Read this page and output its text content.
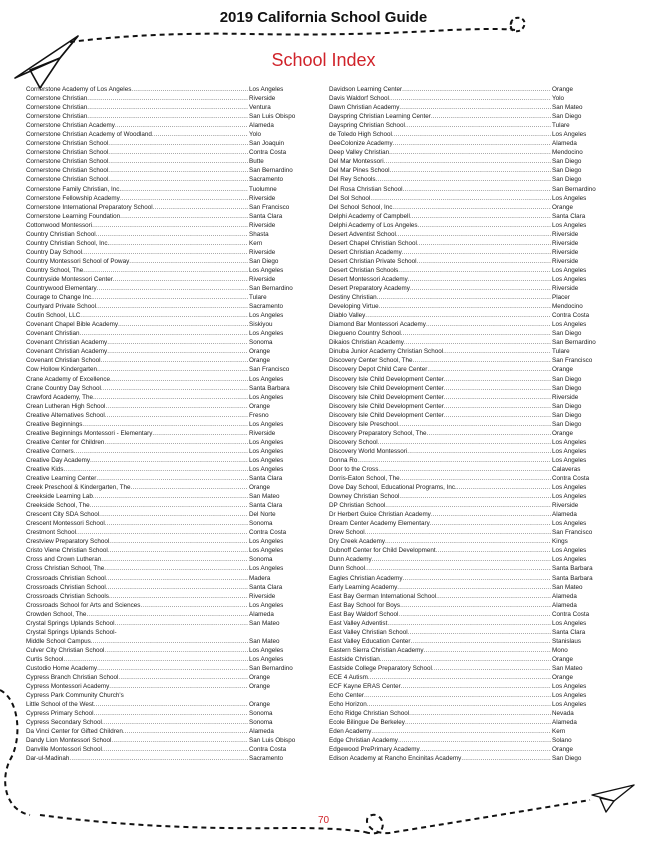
2019 California School Guide
School Index
Cornerstone Academy of Los Angeles .....	Los Angeles
Cornerstone Christian .....	Riverside
Cornerstone Christian .....	Ventura
Cornerstone Christian .....	San Luis Obispo
Cornerstone Christian Academy .....	Alameda
Cornerstone Christian Academy of Woodland .....	Yolo
Cornerstone Christian School .....	San Joaquin
Cornerstone Christian School .....	Contra Costa
Cornerstone Christian School .....	Butte
Cornerstone Christian School .....	San Bernardino
Cornerstone Christian School .....	Sacramento
Cornerstone Family Christian, Inc. .....	Tuolumne
Cornerstone Fellowship Academy .....	Riverside
Cornerstone International Preparatory School .....	San Francisco
Cornerstone Learning Foundation .....	Santa Clara
Cottonwood Montessori .....	Riverside
Country Christian School .....	Shasta
Country Christian School, Inc. .....	Kern
Country Day School .....	Riverside
Country Montessori School of Poway .....	San Diego
Country School, The .....	Los Angeles
Countryside Montessori Center .....	Riverside
Countrywood Elementary .....	San Bernardino
Courage to Change Inc. .....	Tulare
Courtyard Private School .....	Sacramento
Coutin School, LLC .....	Los Angeles
Covenant Chapel Bible Academy .....	Siskiyou
Covenant Christian .....	Los Angeles
Covenant Christian Academy .....	Sonoma
Covenant Christian Academy .....	Orange
Covenant Christian School .....	Orange
Cow Hollow Kindergarten .....	San Francisco
Crane Academy of Excellence .....	Los Angeles
Crane Country Day School .....	Santa Barbara
Crawford Academy, The .....	Los Angeles
Crean Lutheran High School .....	Orange
Creative Alternatives School .....	Fresno
Creative Beginnings .....	Los Angeles
Creative Beginnings Montessori - Elementary .....	Riverside
Creative Center for Children .....	Los Angeles
Creative Corners .....	Los Angeles
Creative Day Academy .....	Los Angeles
Creative Kids .....	Los Angeles
Creative Learning Center .....	Santa Clara
Creek Preschool & Kindergarten, The .....	Orange
Creekside Learning Lab .....	San Mateo
Creekside School, The .....	Santa Clara
Crescent City SDA School .....	Del Norte
Crescent Montessori School .....	Sonoma
Crestmont School .....	Contra Costa
Crestview Preparatory School .....	Los Angeles
Cristo Viene Christian School .....	Los Angeles
Cross and Crown Lutheran .....	Sonoma
Cross Christian School, The .....	Los Angeles
Crossroads Christian School .....	Madera
Crossroads Christian School .....	Santa Clara
Crossroads Christian Schools .....	Riverside
Crossroads School for Arts and Sciences .....	Los Angeles
Crowden School, The .....	Alameda
Crystal Springs Uplands School .....	San Mateo
Crystal Springs Uplands School-
Middle School Campus .....	San Mateo
Culver City Christian School .....	Los Angeles
Curtis School .....	Los Angeles
Custodio Home Academy .....	San Bernardino
Cypress Branch Christian School .....	Orange
Cypress Montessori Academy .....	Orange
Cypress Park Community Church's
Little School of the West .....	Orange
Cypress Primary School .....	Sonoma
Cypress Secondary School .....	Sonoma
Da Vinci Center for Gifted Children .....	Alameda
Dandy Lion Montessori School .....	San Luis Obispo
Danville Montessori School .....	Contra Costa
Dar-ul-Madinah .....	Sacramento
Davidson Learning Center .....	Orange
Davis Waldorf School .....	Yolo
Dawn Christian Academy .....	San Mateo
Dayspring Christian Learning Center .....	San Diego
Dayspring Christian School .....	Tulare
de Toledo High School .....	Los Angeles
DeeColonize Academy .....	Alameda
Deep Valley Christian .....	Mendocino
Del Mar Montessori .....	San Diego
Del Mar Pines School .....	San Diego
Del Rey Schools .....	San Diego
Del Rosa Christian School .....	San Bernardino
Del Sol School .....	Los Angeles
Del School School, Inc .....	Orange
Delphi Academy of Campbell .....	Santa Clara
Delphi Academy of Los Angeles .....	Los Angeles
Desert Adventist School .....	Riverside
Desert Chapel Christian School .....	Riverside
Desert Christian Academy .....	Riverside
Desert Christian Private School .....	Riverside
Desert Christian Schools .....	Los Angeles
Desert Montessori Academy .....	Los Angeles
Desert Preparatory Academy .....	Riverside
Destiny Christian .....	Placer
Developing Virtue .....	Mendocino
Diablo Valley .....	Contra Costa
Diamond Bar Montessori Academy .....	Los Angeles
Diegueno Country School .....	San Diego
Dikaios Christian Academy .....	San Bernardino
Dinuba Junior Academy Christian School .....	Tulare
Discovery Center School, The .....	San Francisco
Discovery Depot Child Care Center .....	Orange
Discovery Isle Child Development Center .....	San Diego
Discovery Isle Child Development Center .....	San Diego
Discovery Isle Child Development Center .....	Riverside
Discovery Isle Child Development Center .....	San Diego
Discovery Isle Child Development Center .....	San Diego
Discovery Isle Preschool .....	San Diego
Discovery Preparatory School, The .....	Orange
Discovery School .....	Los Angeles
Discovery World Montessori .....	Los Angeles
Donna Ro .....	Los Angeles
Door to the Cross .....	Calaveras
Dorris-Eaton School, The .....	Contra Costa
Dove Day School, Educational Programs, Inc. .....	Los Angeles
Downey Christian School .....	Los Angeles
DP Christian School .....	Riverside
Dr Herbert Guice Christian Academy .....	Alameda
Dream Center Academy Elementary .....	Los Angeles
Drew School .....	San Francisco
Dry Creek Academy .....	Kings
Dubnoff Center for Child Development .....	Los Angeles
Dunn Academy .....	Los Angeles
Dunn School .....	Santa Barbara
Eagles Christian Academy .....	Santa Barbara
Early Learning Academy .....	San Mateo
East Bay German International School .....	Alameda
East Bay School for Boys .....	Alameda
East Bay Waldorf School .....	Contra Costa
East Valley Adventist .....	Los Angeles
East Valley Christian School .....	Santa Clara
East Valley Education Center .....	Stanislaus
Eastern Sierra Christian Academy .....	Mono
Eastside Christian .....	Orange
Eastside College Preparatory School .....	San Mateo
ECE 4 Autism .....	Orange
ECF Kayne ERAS Center .....	Los Angeles
Echo Center .....	Los Angeles
Echo Horizon .....	Los Angeles
Echo Ridge Christian School .....	Nevada
Ecole Bilingue De Berkeley .....	Alameda
Eden Academy .....	Kern
Edge Christian Academy .....	Solano
Edgewood PrePrimary Academy .....	Orange
Edison Academy at Rancho Encinitas Academy .....	San Diego
70
